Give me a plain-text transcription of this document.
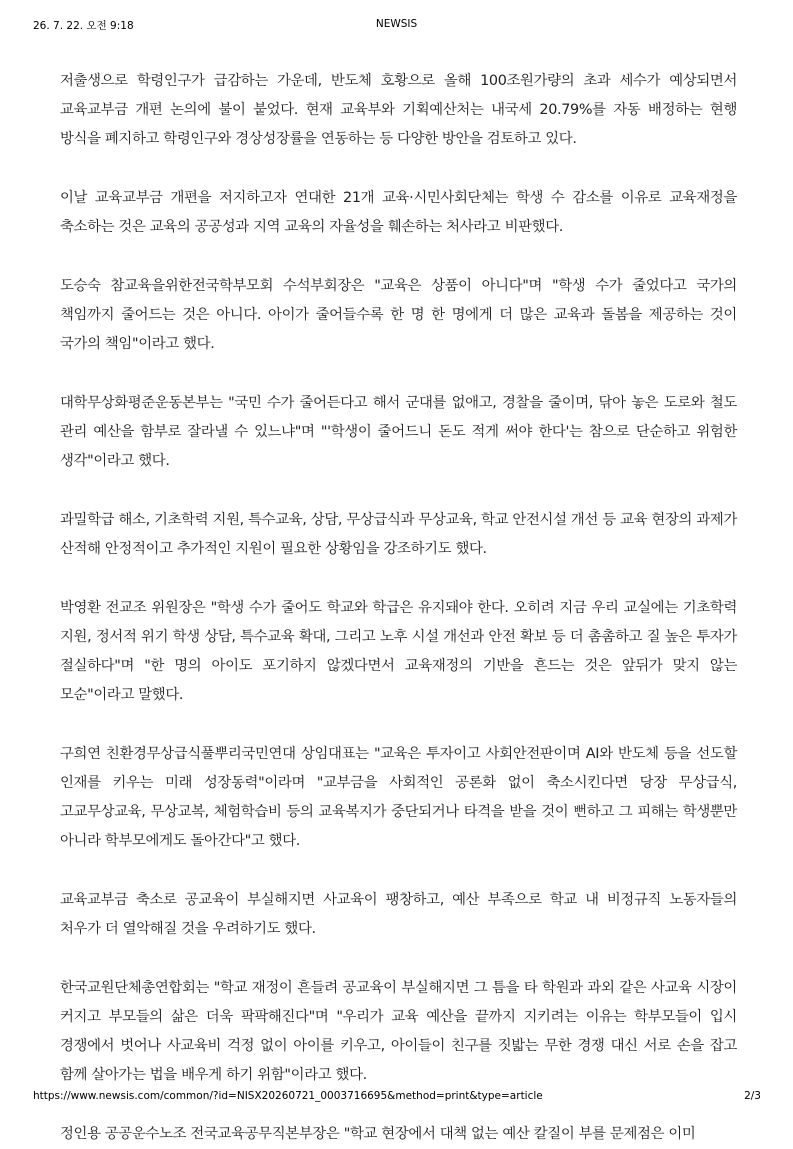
26. 7. 22. 오전 9:18	NEWSIS

저출생으로 학령인구가 급감하는 가운데, 반도체 호황으로 올해 100조원가량의 초과 세수가 예상되면서 교육교부금 개편 논의에 불이 붙었다. 현재 교육부와 기획예산처는 내국세 20.79%를 자동 배정하는 현행 방식을 폐지하고 학령인구와 경상성장률을 연동하는 등 다양한 방안을 검토하고 있다.

이날 교육교부금 개편을 저지하고자 연대한 21개 교육·시민사회단체는 학생 수 감소를 이유로 교육재정을 축소하는 것은 교육의 공공성과 지역 교육의 자율성을 훼손하는 처사라고 비판했다.

도승숙 참교육을위한전국학부모회 수석부회장은 "교육은 상품이 아니다"며 "학생 수가 줄었다고 국가의 책임까지 줄어드는 것은 아니다. 아이가 줄어들수록 한 명 한 명에게 더 많은 교육과 돌봄을 제공하는 것이 국가의 책임"이라고 했다.

대학무상화평준운동본부는 "국민 수가 줄어든다고 해서 군대를 없애고, 경찰을 줄이며, 닦아 놓은 도로와 철도 관리 예산을 함부로 잘라낼 수 있느냐"며 "'학생이 줄어드니 돈도 적게 써야 한다'는 참으로 단순하고 위험한 생각"이라고 했다.

과밀학급 해소, 기초학력 지원, 특수교육, 상담, 무상급식과 무상교육, 학교 안전시설 개선 등 교육 현장의 과제가 산적해 안정적이고 추가적인 지원이 필요한 상황임을 강조하기도 했다.

박영환 전교조 위원장은 "학생 수가 줄어도 학교와 학급은 유지돼야 한다. 오히려 지금 우리 교실에는 기초학력 지원, 정서적 위기 학생 상담, 특수교육 확대, 그리고 노후 시설 개선과 안전 확보 등 더 촘촘하고 질 높은 투자가 절실하다"며 "한 명의 아이도 포기하지 않겠다면서 교육재정의 기반을 흔드는 것은 앞뒤가 맞지 않는 모순"이라고 말했다.

구희연 친환경무상급식풀뿌리국민연대 상임대표는 "교육은 투자이고 사회안전판이며 AI와 반도체 등을 선도할 인재를 키우는 미래 성장동력"이라며 "교부금을 사회적인 공론화 없이 축소시킨다면 당장 무상급식, 고교무상교육, 무상교복, 체험학습비 등의 교육복지가 중단되거나 타격을 받을 것이 뻔하고 그 피해는 학생뿐만 아니라 학부모에게도 돌아간다"고 했다.

교육교부금 축소로 공교육이 부실해지면 사교육이 팽창하고, 예산 부족으로 학교 내 비정규직 노동자들의 처우가 더 열악해질 것을 우려하기도 했다.

한국교원단체총연합회는 "학교 재정이 흔들려 공교육이 부실해지면 그 틈을 타 학원과 과외 같은 사교육 시장이 커지고 부모들의 삶은 더욱 팍팍해진다"며 "우리가 교육 예산을 끝까지 지키려는 이유는 학부모들이 입시 경쟁에서 벗어나 사교육비 걱정 없이 아이를 키우고, 아이들이 친구를 짓밟는 무한 경쟁 대신 서로 손을 잡고 함께 살아가는 법을 배우게 하기 위함"이라고 했다.

정인용 공공운수노조 전국교육공무직본부장은 "학교 현장에서 대책 없는 예산 칼질이 부를 문제점은 이미

https://www.newsis.com/common/?id=NISX20260721_0003716695&method=print&type=article	2/3
